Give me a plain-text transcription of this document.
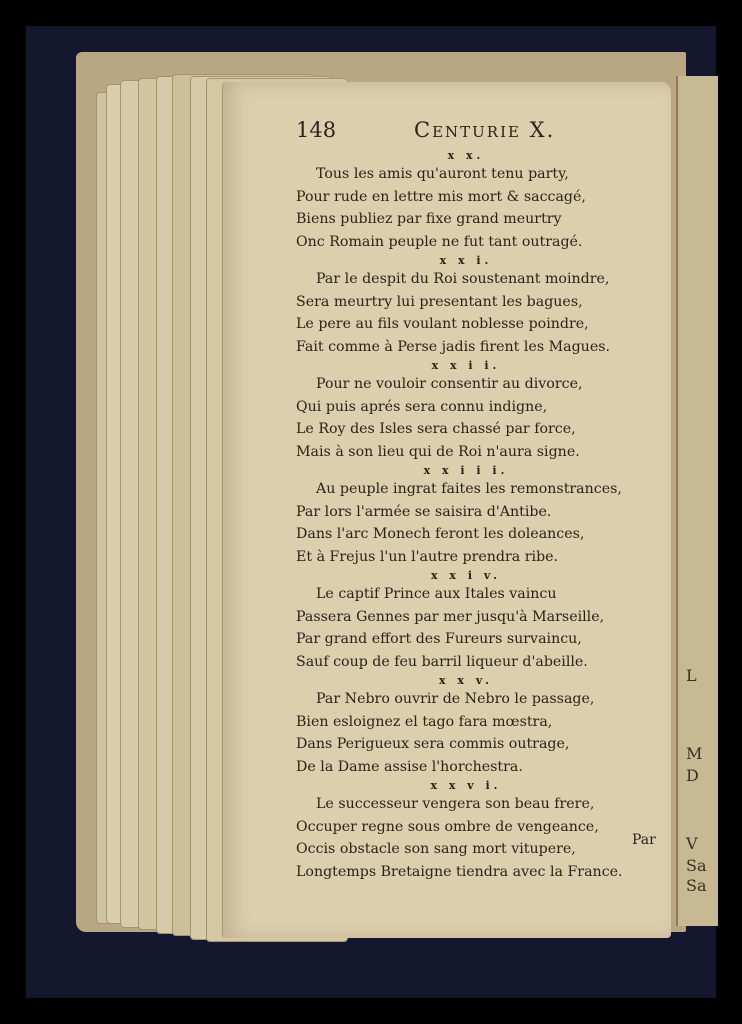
L
M
D
V
Sa
Sa
148	Centurie X.
x x.
Tous les amis qu'auront tenu party,
Pour rude en lettre mis mort & saccagé,
Biens publiez par fixe grand meurtry
Onc Romain peuple ne fut tant outragé.
x x i.
Par le despit du Roi soustenant moindre,
Sera meurtry lui presentant les bagues,
Le pere au fils voulant noblesse poindre,
Fait comme à Perse jadis firent les Magues.
x x i i.
Pour ne vouloir consentir au divorce,
Qui puis aprés sera connu indigne,
Le Roy des Isles sera chassé par force,
Mais à son lieu qui de Roi n'aura signe.
x x i i i.
Au peuple ingrat faites les remonstrances,
Par lors l'armée se saisira d'Antibe.
Dans l'arc Monech feront les doleances,
Et à Frejus l'un l'autre prendra ribe.
x x i v.
Le captif Prince aux Itales vaincu
Passera Gennes par mer jusqu'à Marseille,
Par grand effort des Fureurs survaincu,
Sauf coup de feu barril liqueur d'abeille.
x x v.
Par Nebro ouvrir de Nebro le passage,
Bien esloignez el tago fara mœstra,
Dans Perigueux sera commis outrage,
De la Dame assise l'horchestra.
x x v i.
Le successeur vengera son beau frere,
Occuper regne sous ombre de vengeance,
Occis obstacle son sang mort vitupere,
Longtemps Bretaigne tiendra avec la France.
Par
